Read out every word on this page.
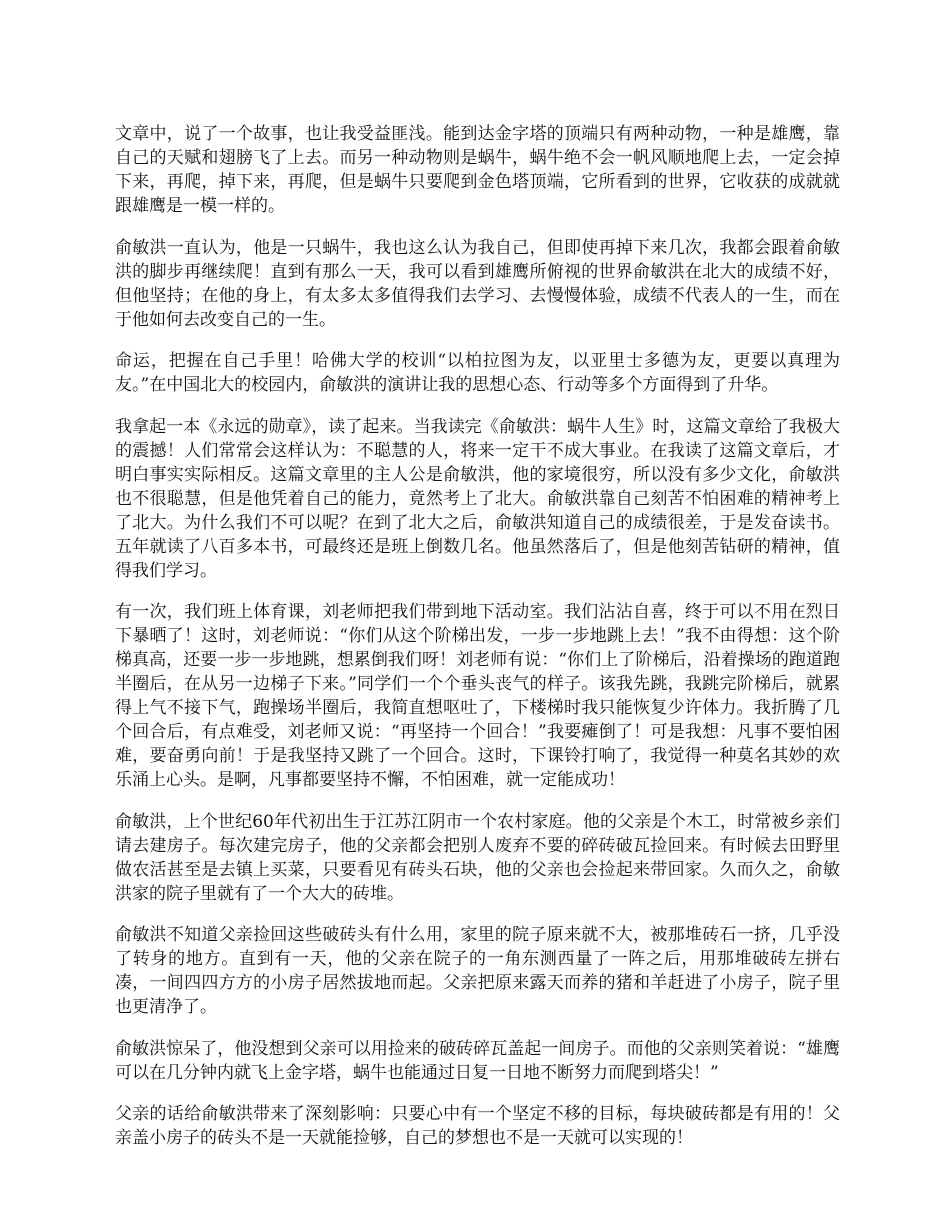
文章中，说了一个故事，也让我受益匪浅。能到达金字塔的顶端只有两种动物，一种是雄鹰，靠自己的天赋和翅膀飞了上去。而另一种动物则是蜗牛，蜗牛绝不会一帆风顺地爬上去，一定会掉下来，再爬，掉下来，再爬，但是蜗牛只要爬到金色塔顶端，它所看到的世界，它收获的成就就跟雄鹰是一模一样的。

俞敏洪一直认为，他是一只蜗牛，我也这么认为我自己，但即使再掉下来几次，我都会跟着俞敏洪的脚步再继续爬！直到有那么一天，我可以看到雄鹰所俯视的世界俞敏洪在北大的成绩不好，但他坚持；在他的身上，有太多太多值得我们去学习、去慢慢体验，成绩不代表人的一生，而在于他如何去改变自己的一生。

命运，把握在自己手里！哈佛大学的校训“以柏拉图为友，以亚里士多德为友，更要以真理为友。”在中国北大的校园内，俞敏洪的演讲让我的思想心态、行动等多个方面得到了升华。

我拿起一本《永远的勋章》，读了起来。当我读完《俞敏洪：蜗牛人生》时，这篇文章给了我极大的震撼！人们常常会这样认为：不聪慧的人，将来一定干不成大事业。在我读了这篇文章后，才明白事实实际相反。这篇文章里的主人公是俞敏洪，他的家境很穷，所以没有多少文化，俞敏洪也不很聪慧，但是他凭着自己的能力，竟然考上了北大。俞敏洪靠自己刻苦不怕困难的精神考上了北大。为什么我们不可以呢？在到了北大之后，俞敏洪知道自己的成绩很差，于是发奋读书。五年就读了八百多本书，可最终还是班上倒数几名。他虽然落后了，但是他刻苦钻研的精神，值得我们学习。

有一次，我们班上体育课，刘老师把我们带到地下活动室。我们沾沾自喜，终于可以不用在烈日下暴晒了！这时，刘老师说：“你们从这个阶梯出发，一步一步地跳上去！”我不由得想：这个阶梯真高，还要一步一步地跳，想累倒我们呀！刘老师有说：“你们上了阶梯后，沿着操场的跑道跑半圈后，在从另一边梯子下来。”同学们一个个垂头丧气的样子。该我先跳，我跳完阶梯后，就累得上气不接下气，跑操场半圈后，我简直想呕吐了，下楼梯时我只能恢复少许体力。我折腾了几个回合后，有点难受，刘老师又说：“再坚持一个回合！”我要瘫倒了！可是我想：凡事不要怕困难，要奋勇向前！于是我坚持又跳了一个回合。这时，下课铃打响了，我觉得一种莫名其妙的欢乐涌上心头。是啊，凡事都要坚持不懈，不怕困难，就一定能成功！

俞敏洪，上个世纪60年代初出生于江苏江阴市一个农村家庭。他的父亲是个木工，时常被乡亲们请去建房子。每次建完房子，他的父亲都会把别人废弃不要的碎砖破瓦捡回来。有时候去田野里做农活甚至是去镇上买菜，只要看见有砖头石块，他的父亲也会捡起来带回家。久而久之，俞敏洪家的院子里就有了一个大大的砖堆。

俞敏洪不知道父亲捡回这些破砖头有什么用，家里的院子原来就不大，被那堆砖石一挤，几乎没了转身的地方。直到有一天，他的父亲在院子的一角东测西量了一阵之后，用那堆破砖左拼右凑，一间四四方方的小房子居然拔地而起。父亲把原来露天而养的猪和羊赶进了小房子，院子里也更清净了。

俞敏洪惊呆了，他没想到父亲可以用捡来的破砖碎瓦盖起一间房子。而他的父亲则笑着说：“雄鹰可以在几分钟内就飞上金字塔，蜗牛也能通过日复一日地不断努力而爬到塔尖！”

父亲的话给俞敏洪带来了深刻影响：只要心中有一个坚定不移的目标，每块破砖都是有用的！父亲盖小房子的砖头不是一天就能捡够，自己的梦想也不是一天就可以实现的！
